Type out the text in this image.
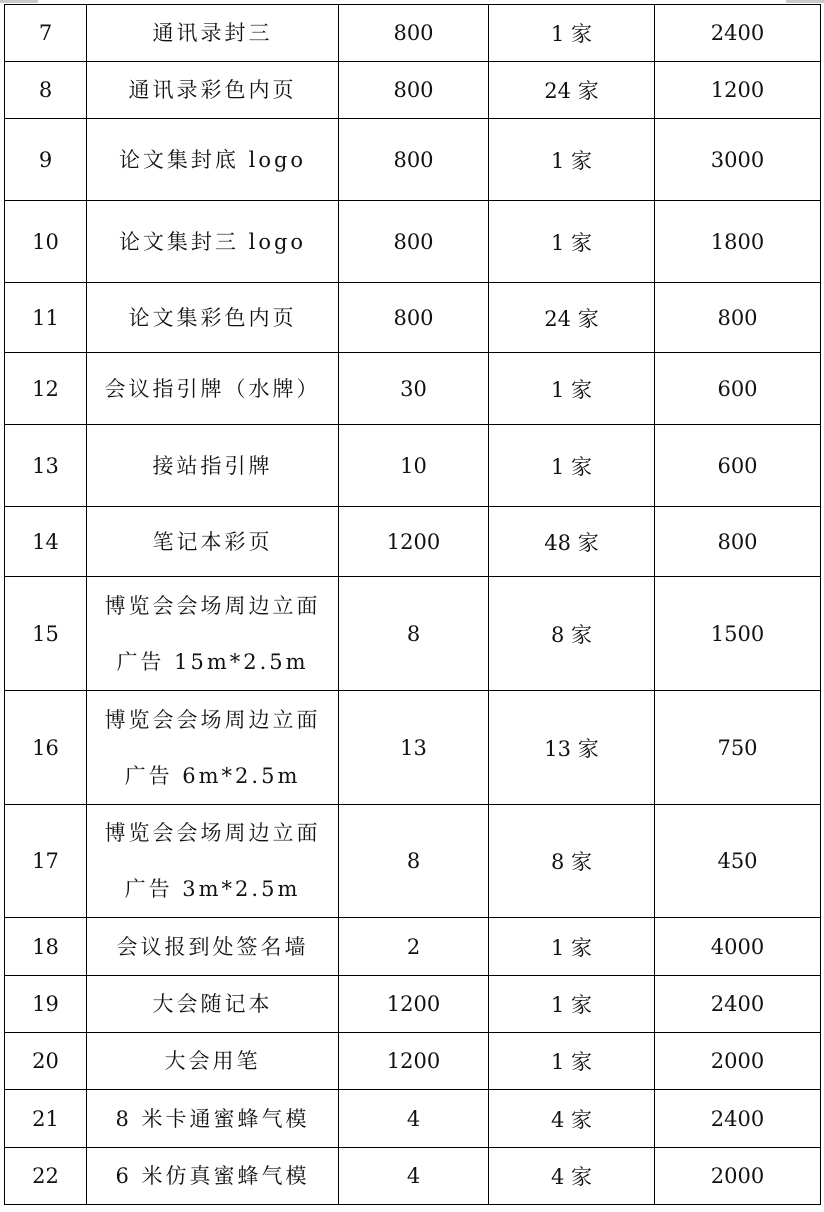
7	通讯录封三	800	1 家	2400
8	通讯录彩色内页	800	24 家	1200
9	论文集封底 logo	800	1 家	3000
10	论文集封三 logo	800	1 家	1800
11	论文集彩色内页	800	24 家	800
12	会议指引牌（水牌）	30	1 家	600
13	接站指引牌	10	1 家	600
14	笔记本彩页	1200	48 家	800
15	博览会会场周边立面
广告 15m*2.5m	8	8 家	1500
16	博览会会场周边立面
广告 6m*2.5m	13	13 家	750
17	博览会会场周边立面
广告 3m*2.5m	8	8 家	450
18	会议报到处签名墙	2	1 家	4000
19	大会随记本	1200	1 家	2400
20	大会用笔	1200	1 家	2000
21	8 米卡通蜜蜂气模	4	4 家	2400
22	6 米仿真蜜蜂气模	4	4 家	2000
